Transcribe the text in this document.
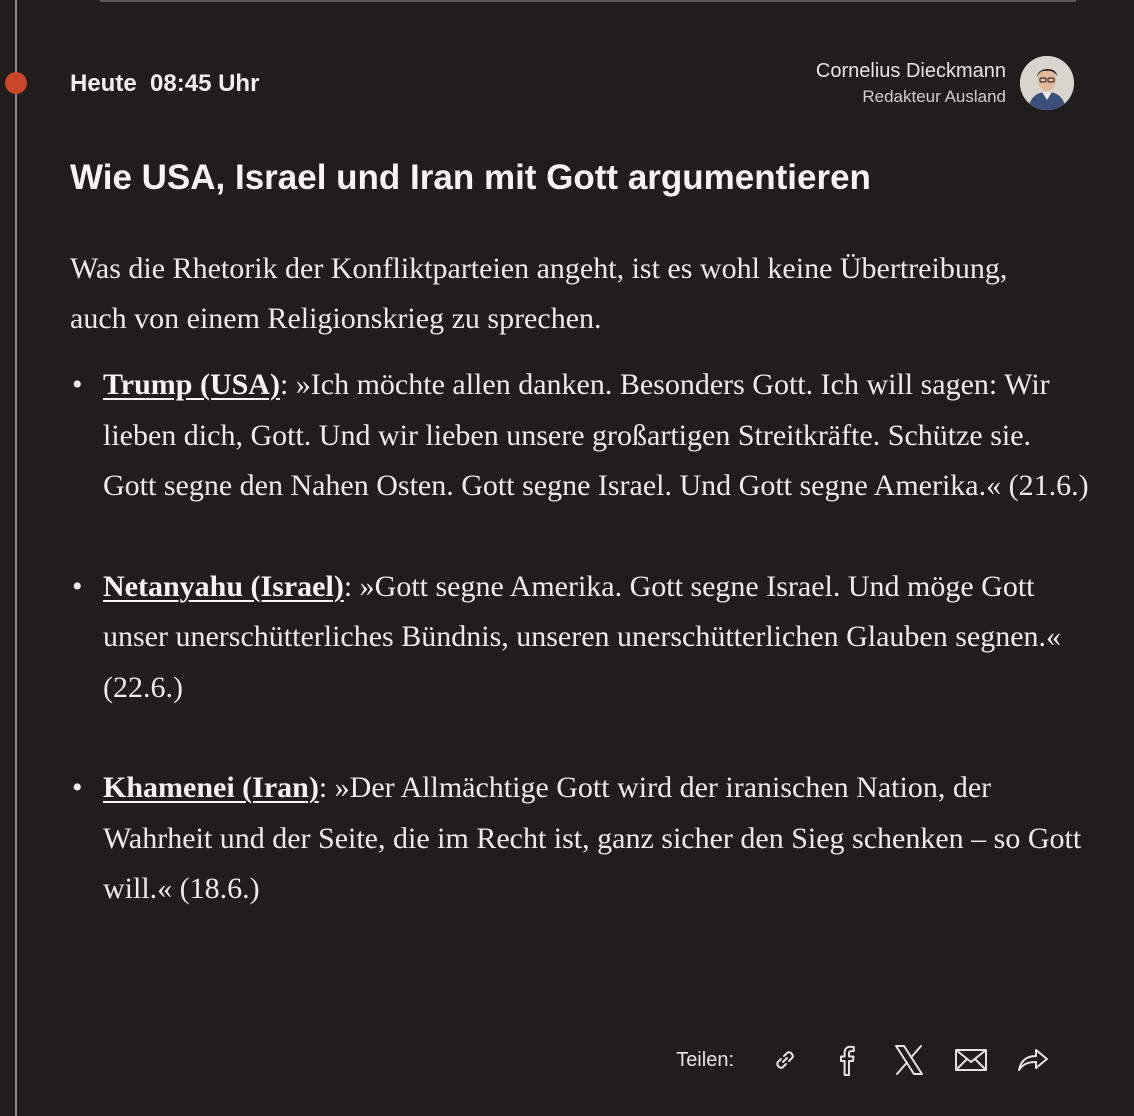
Heute 08:45 Uhr	Cornelius Dieckmann
Redakteur Ausland
Wie USA, Israel und Iran mit Gott argumentieren

Was die Rhetorik der Konfliktparteien angeht, ist es wohl keine Übertreibung, auch von einem Religionskrieg zu sprechen.

• Trump (USA): »Ich möchte allen danken. Besonders Gott. Ich will sagen: Wir lieben dich, Gott. Und wir lieben unsere großartigen Streitkräfte. Schütze sie. Gott segne den Nahen Osten. Gott segne Israel. Und Gott segne Amerika.« (21.6.)
• Netanyahu (Israel): »Gott segne Amerika. Gott segne Israel. Und möge Gott unser unerschütterliches Bündnis, unseren unerschütterlichen Glauben segnen.« (22.6.)
• Khamenei (Iran): »Der Allmächtige Gott wird der iranischen Nation, der Wahrheit und der Seite, die im Recht ist, ganz sicher den Sieg schenken – so Gott will.« (18.6.)
Teilen:
